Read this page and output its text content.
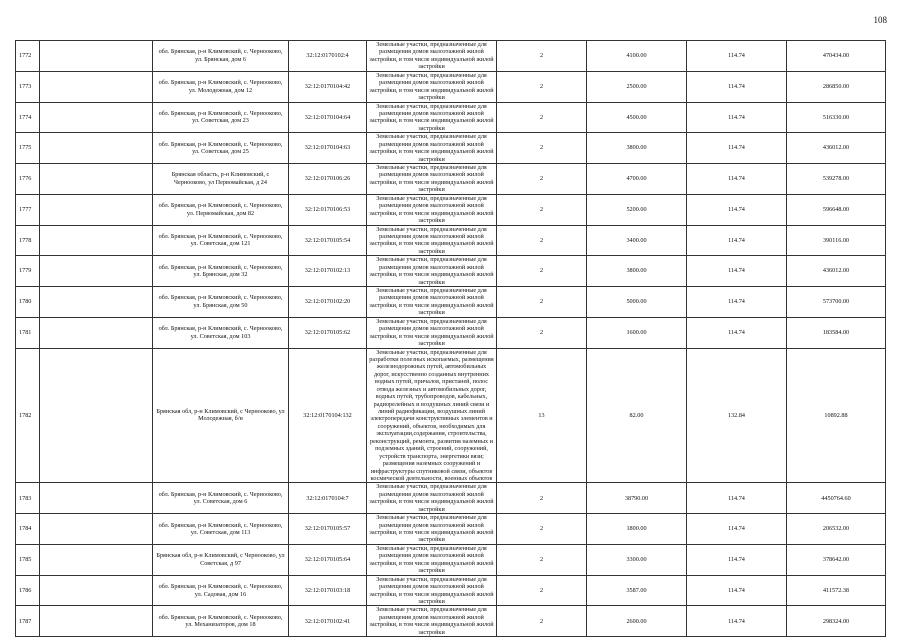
108
1772		обл. Брянская, р-н Климовский, с. Чернооково, ул. Брянская, дом 6	32:12:0170102:4	Земельные участки, предназначенные для размещения домов малоэтажной жилой застройки, в том числе индивидуальной жилой застройки	2	4100.00	114.74	470434.00
1773		обл. Брянская, р-н Климовский, с. Чернооково, ул. Молодежная, дом 12	32:12:0170104:42	Земельные участки, предназначенные для размещения домов малоэтажной жилой застройки, в том числе индивидуальной жилой застройки	2	2500.00	114.74	286850.00
1774		обл. Брянская, р-н Климовский, с. Чернооково, ул. Советская, дом 23	32:12:0170104:64	Земельные участки, предназначенные для размещения домов малоэтажной жилой застройки, в том числе индивидуальной жилой застройки	2	4500.00	114.74	516330.00
1775		обл. Брянская, р-н Климовский, с. Чернооково, ул. Советская, дом 25	32:12:0170104:63	Земельные участки, предназначенные для размещения домов малоэтажной жилой застройки, в том числе индивидуальной жилой застройки	2	3800.00	114.74	436012.00
1776		Брянская область, р-н Климовский, с Чернооково, ул Первомайская, д 24	32:12:0170106:26	Земельные участки, предназначенные для размещения домов малоэтажной жилой застройки, в том числе индивидуальной жилой застройки	2	4700.00	114.74	539278.00
1777		обл. Брянская, р-н Климовский, с. Чернооково, ул. Первомайская, дом 82	32:12:0170106:53	Земельные участки, предназначенные для размещения домов малоэтажной жилой застройки, в том числе индивидуальной жилой застройки	2	5200.00	114.74	596648.00
1778		обл. Брянская, р-н Климовский, с. Чернооково, ул. Советская, дом 121	32:12:0170105:54	Земельные участки, предназначенные для размещения домов малоэтажной жилой застройки, в том числе индивидуальной жилой застройки	2	3400.00	114.74	390116.00
1779		обл. Брянская, р-н Климовский, с. Чернооково, ул. Брянская, дом 32	32:12:0170102:13	Земельные участки, предназначенные для размещения домов малоэтажной жилой застройки, в том числе индивидуальной жилой застройки	2	3800.00	114.74	436012.00
1780		обл. Брянская, р-н Климовский, с. Чернооково, ул. Брянская, дом 50	32:12:0170102:20	Земельные участки, предназначенные для размещения домов малоэтажной жилой застройки, в том числе индивидуальной жилой застройки	2	5000.00	114.74	573700.00
1781		обл. Брянская, р-н Климовский, с. Чернооково, ул. Советская, дом 103	32:12:0170105:62	Земельные участки, предназначенные для размещения домов малоэтажной жилой застройки, в том числе индивидуальной жилой застройки	2	1600.00	114.74	183584.00
1782		Брянская обл, р-н Климовский, с Чернооково, ул Молодежная, б/н	32:12:0170104:132	Земельные участки, предназначенные для разработки полезных ископаемых, размещения железнодорожных путей, автомобильных дорог, искусственно созданных внутренних водных путей, причалов, пристаней, полос отвода железных и автомобильных дорог, водных путей, трубопроводов, кабельных, радиорелейных и воздушных линий связи и линий радиофикации, воздушных линий электропередачи конструктивных элементов и сооружений, объектов, необходимых для эксплуатации,содержания, строительства, реконструкций, ремонта, развития наземных и подземных зданий, строений, сооружений, устройств транспорта, энергетики вязи; размещения наземных сооружений и инфраструктуры спутниковой связи, объектов космической деятельности, военных объектов	13	82.00	132.84	10892.88
1783		обл. Брянская, р-н Климовский, с. Чернооково, ул. Советская, дом 6	32:12:0170104:7	Земельные участки, предназначенные для размещения домов малоэтажной жилой застройки, в том числе индивидуальной жилой застройки	2	38790.00	114.74	4450764.60
1784		обл. Брянская, р-н Климовский, с. Чернооково, ул. Советская, дом 113	32:12:0170105:57	Земельные участки, предназначенные для размещения домов малоэтажной жилой застройки, в том числе индивидуальной жилой застройки	2	1800.00	114.74	206532.00
1785		Брянская обл, р-н Климовский, с Чернооково, ул Советская, д 97	32:12:0170105:64	Земельные участки, предназначенные для размещения домов малоэтажной жилой застройки, в том числе индивидуальной жилой застройки	2	3300.00	114.74	378642.00
1786		обл. Брянская, р-н Климовский, с. Чернооково, ул. Садовая, дом 16	32:12:0170103:18	Земельные участки, предназначенные для размещения домов малоэтажной жилой застройки, в том числе индивидуальной жилой застройки	2	3587.00	114.74	411572.38
1787		обл. Брянская, р-н Климовский, с. Чернооково, ул. Механизаторов, дом 18	32:12:0170102:41	Земельные участки, предназначенные для размещения домов малоэтажной жилой застройки, в том числе индивидуальной жилой застройки	2	2600.00	114.74	298324.00
